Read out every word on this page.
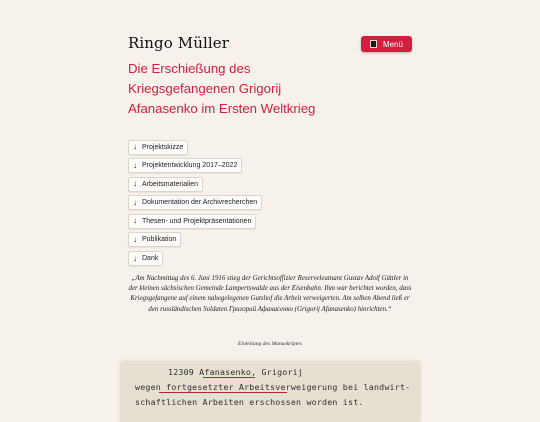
Ringo Müller	Menü
Die Erschießung des
Kriegsgefangenen Grigorij
Afanasenko im Ersten Weltkrieg
↓ Projektskizze
↓ Projektentwicklung 2017–2022
↓ Arbeitsmaterialien
↓ Dokumentation der Archivrecherchen
↓ Thesen- und Projektpräsentationen
↓ Publikation
↓ Dank

„Am Nachmittag des 6. Juni 1916 stieg der Gerichtsoffizier Reserveleutnant Gustav Adolf Güttler in der kleinen sächsischen Gemeinde Lampertswalde aus der Eisenbahn. Ihm war berichtet worden, dass Kriegsgefangene auf einem nahegelegenen Gutshof die Arbeit verweigerten. Am selben Abend ließ er den russländischen Soldaten Григорий Афанасенко (Grigorij Afanasenko) hinrichten.“

Einleitung des Manuskriptes
12309 Afanasenko, Grigorij
wegen fortgesetzter Arbeitsverweigerung bei landwirt-
schaftlichen Arbeiten erschossen worden ist.
